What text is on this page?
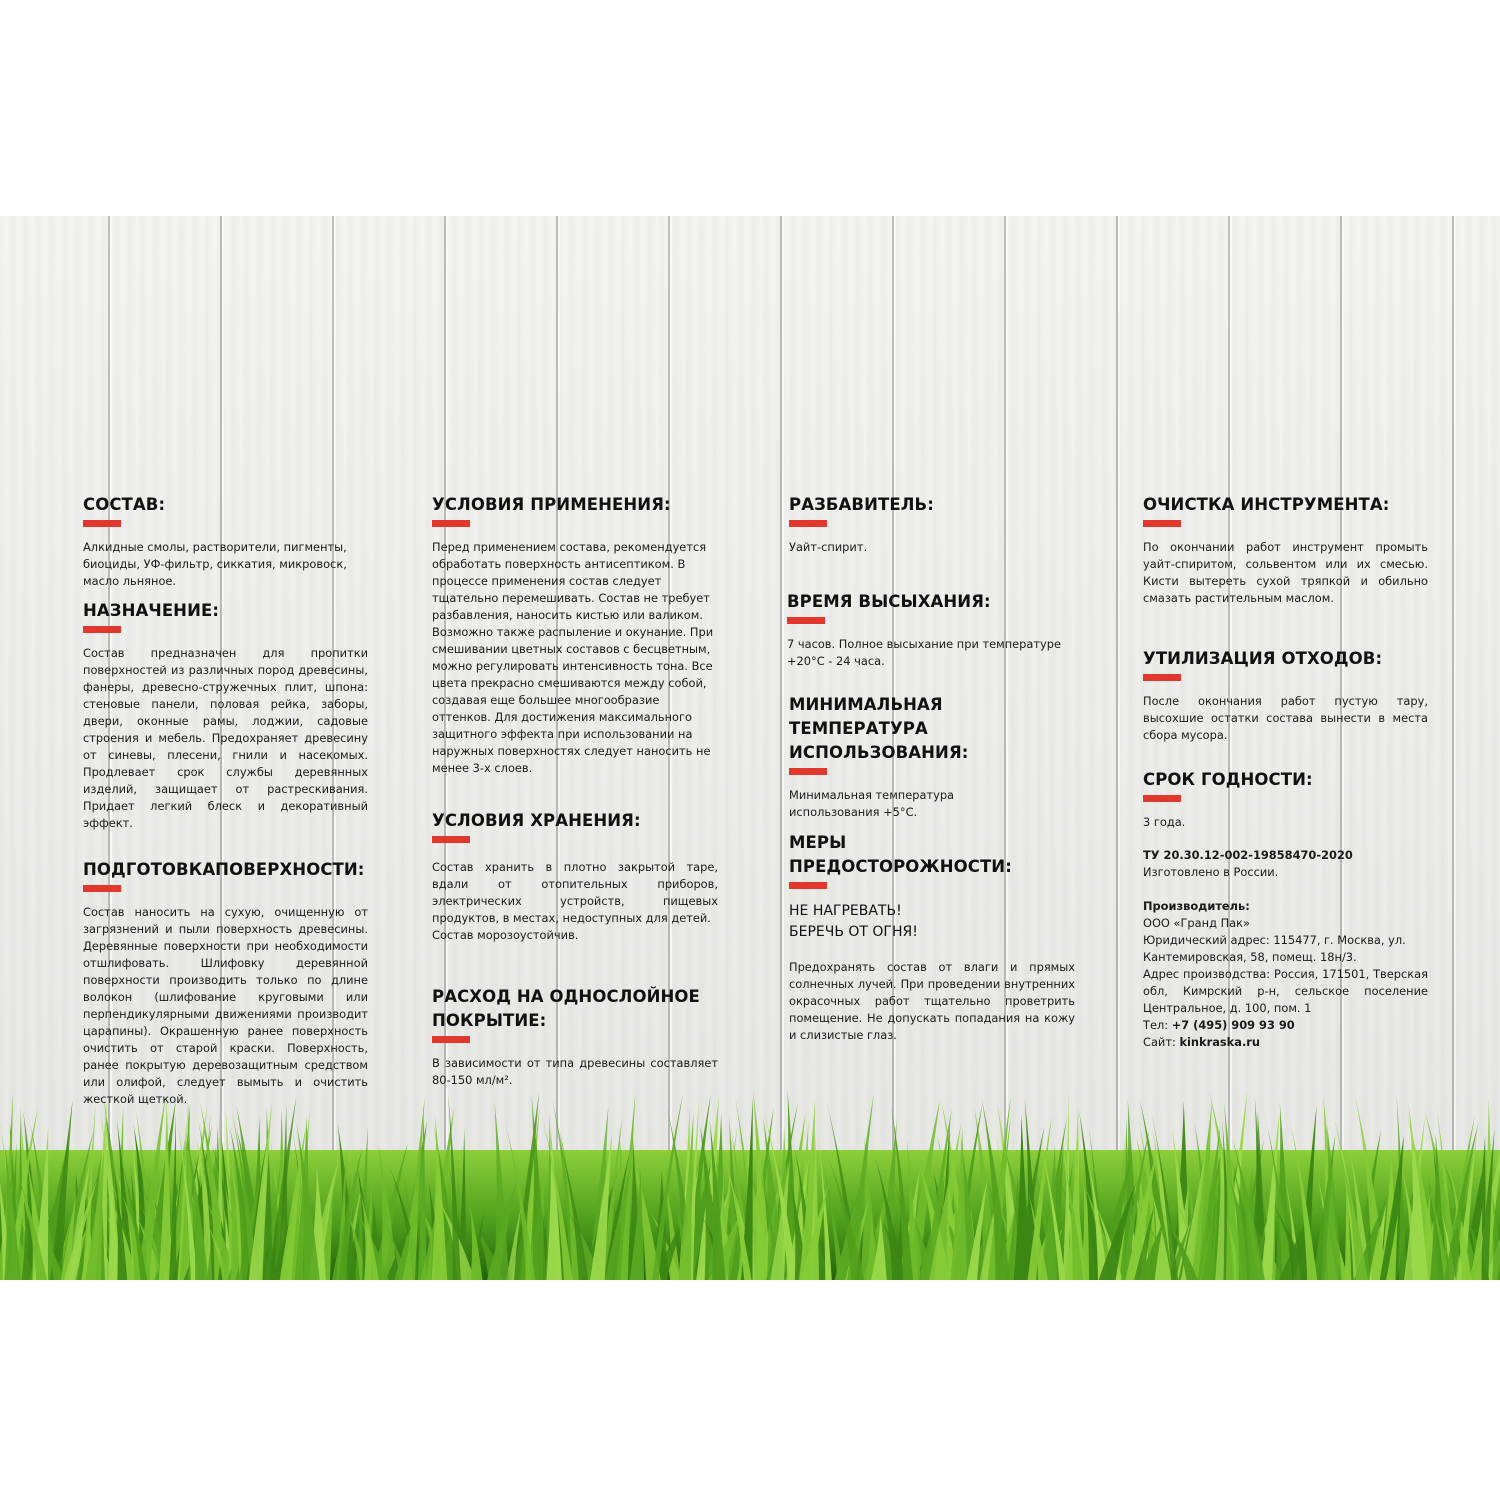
СОСТАВ:

Алкидные смолы, растворители, пигменты, биоциды, УФ-фильтр, сиккатия, микровоск, масло льняное.

НАЗНАЧЕНИЕ:

Состав предназначен для пропитки поверхностей из различных пород древесины, фанеры, древесно-стружечных плит, шпона: стеновые панели, половая рейка, заборы, двери, оконные рамы, лоджии, садовые строения и мебель. Предохраняет древесину от синевы, плесени, гнили и насекомых. Продлевает срок службы деревянных изделий, защищает от растрескивания. Придает легкий блеск и декоративный эффект.

ПОДГОТОВКАПОВЕРХНОСТИ:

Состав наносить на сухую, очищенную от загрязнений и пыли поверхность древесины. Деревянные поверхности при необходимости отшлифовать. Шлифовку деревянной поверхности производить только по длине волокон (шлифование круговыми или перпендикулярными движениями производит царапины). Окрашенную ранее поверхность очистить от старой краски. Поверхность, ранее покрытую деревозащитным средством или олифой, следует вымыть и очистить жесткой щеткой.

УСЛОВИЯ ПРИМЕНЕНИЯ:

Перед применением состава, рекомендуется обработать поверхность антисептиком. В процессе применения состав следует тщательно перемешивать. Состав не требует разбавления, наносить кистью или валиком. Возможно также распыление и окунание. При смешивании цветных составов с бесцветным, можно регулировать интенсивность тона. Все цвета прекрасно смешиваются между собой, создавая еще большее многообразие оттенков. Для достижения максимального защитного эффекта при использовании на наружных поверхностях следует наносить не менее 3-х слоев.

УСЛОВИЯ ХРАНЕНИЯ:

Состав хранить в плотно закрытой таре, вдали от отопительных приборов, электрических устройств, пищевых продуктов, в местах, недоступных для детей.

Состав морозоустойчив.

РАСХОД НА ОДНОСЛОЙНОЕ
ПОКРЫТИЕ:

В зависимости от типа древесины составляет 80-150 мл/м².

РАЗБАВИТЕЛЬ:

Уайт-спирит.

ВРЕМЯ ВЫСЫХАНИЯ:

7 часов. Полное высыхание при температуре +20°С - 24 часа.

МИНИМАЛЬНАЯ ТЕМПЕРАТУРА
ИСПОЛЬЗОВАНИЯ:

Минимальная температура использования +5°С.

МЕРЫ ПРЕДОСТОРОЖНОСТИ:

НЕ НАГРЕВАТЬ!
БЕРЕЧЬ ОТ ОГНЯ!

Предохранять состав от влаги и прямых солнечных лучей. При проведении внутренних окрасочных работ тщательно проветрить помещение. Не допускать попадания на кожу и слизистые глаз.

ОЧИСТКА ИНСТРУМЕНТА:

По окончании работ инструмент промыть уайт-спиритом, сольвентом или их смесью. Кисти вытереть сухой тряпкой и обильно смазать растительным маслом.

УТИЛИЗАЦИЯ ОТХОДОВ:

После окончания работ пустую тару, высохшие остатки состава вынести в места сбора мусора.

СРОК ГОДНОСТИ:

3 года.

ТУ 20.30.12-002-19858470-2020

Изготовлено в России.

Производитель:

ООО «Гранд Пак»

Юридический адрес: 115477, г. Москва, ул. Кантемировская, 58, помещ. 18н/3.

Адрес производства: Россия, 171501, Тверская обл, Кимрский р-н, сельское поселение Центральное, д. 100, пом. 1

Тел: +7 (495) 909 93 90

Сайт: kinkraska.ru
